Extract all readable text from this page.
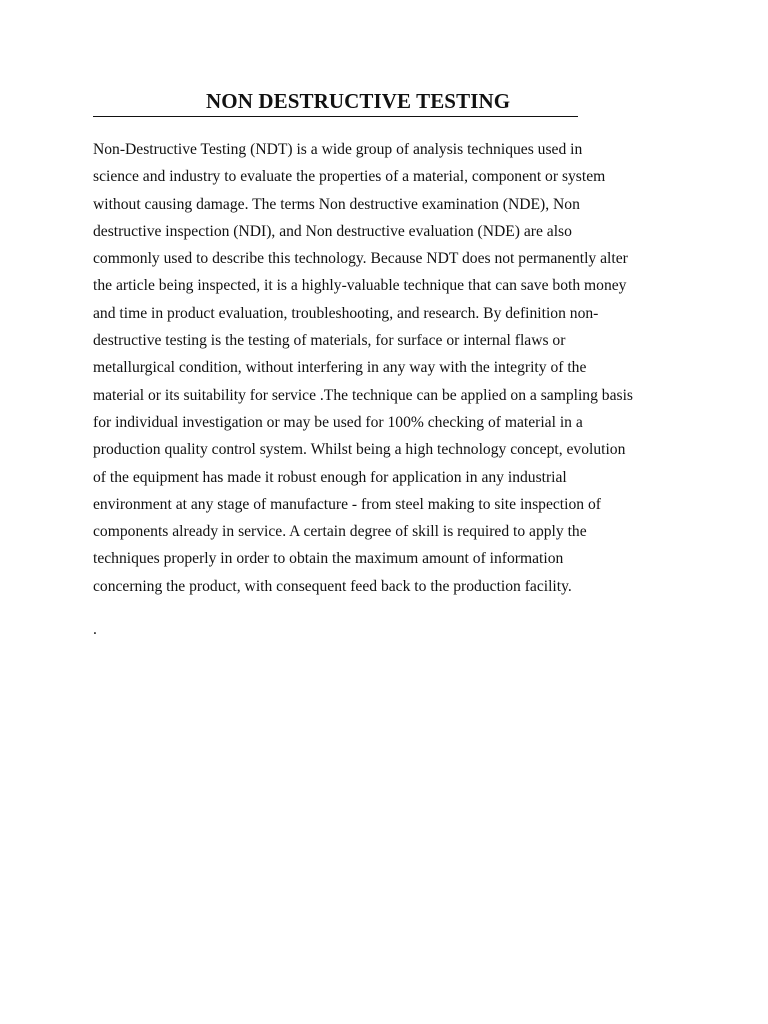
NON DESTRUCTIVE TESTING
Non-Destructive Testing (NDT) is a wide group of analysis techniques used in
science and industry to evaluate the properties of a material, component or system
without causing damage. The terms Non destructive examination (NDE), Non
destructive inspection (NDI), and Non destructive evaluation (NDE) are also
commonly used to describe this technology. Because NDT does not permanently alter
the article being inspected, it is a highly-valuable technique that can save both money
and time in product evaluation, troubleshooting, and research. By definition non-
destructive testing is the testing of materials, for surface or internal flaws or
metallurgical condition, without interfering in any way with the integrity of the
material or its suitability for service .The technique can be applied on a sampling basis
for individual investigation or may be used for 100% checking of material in a
production quality control system. Whilst being a high technology concept, evolution
of the equipment has made it robust enough for application in any industrial
environment at any stage of manufacture - from steel making to site inspection of
components already in service. A certain degree of skill is required to apply the
techniques properly in order to obtain the maximum amount of information
concerning the product, with consequent feed back to the production facility.
.
